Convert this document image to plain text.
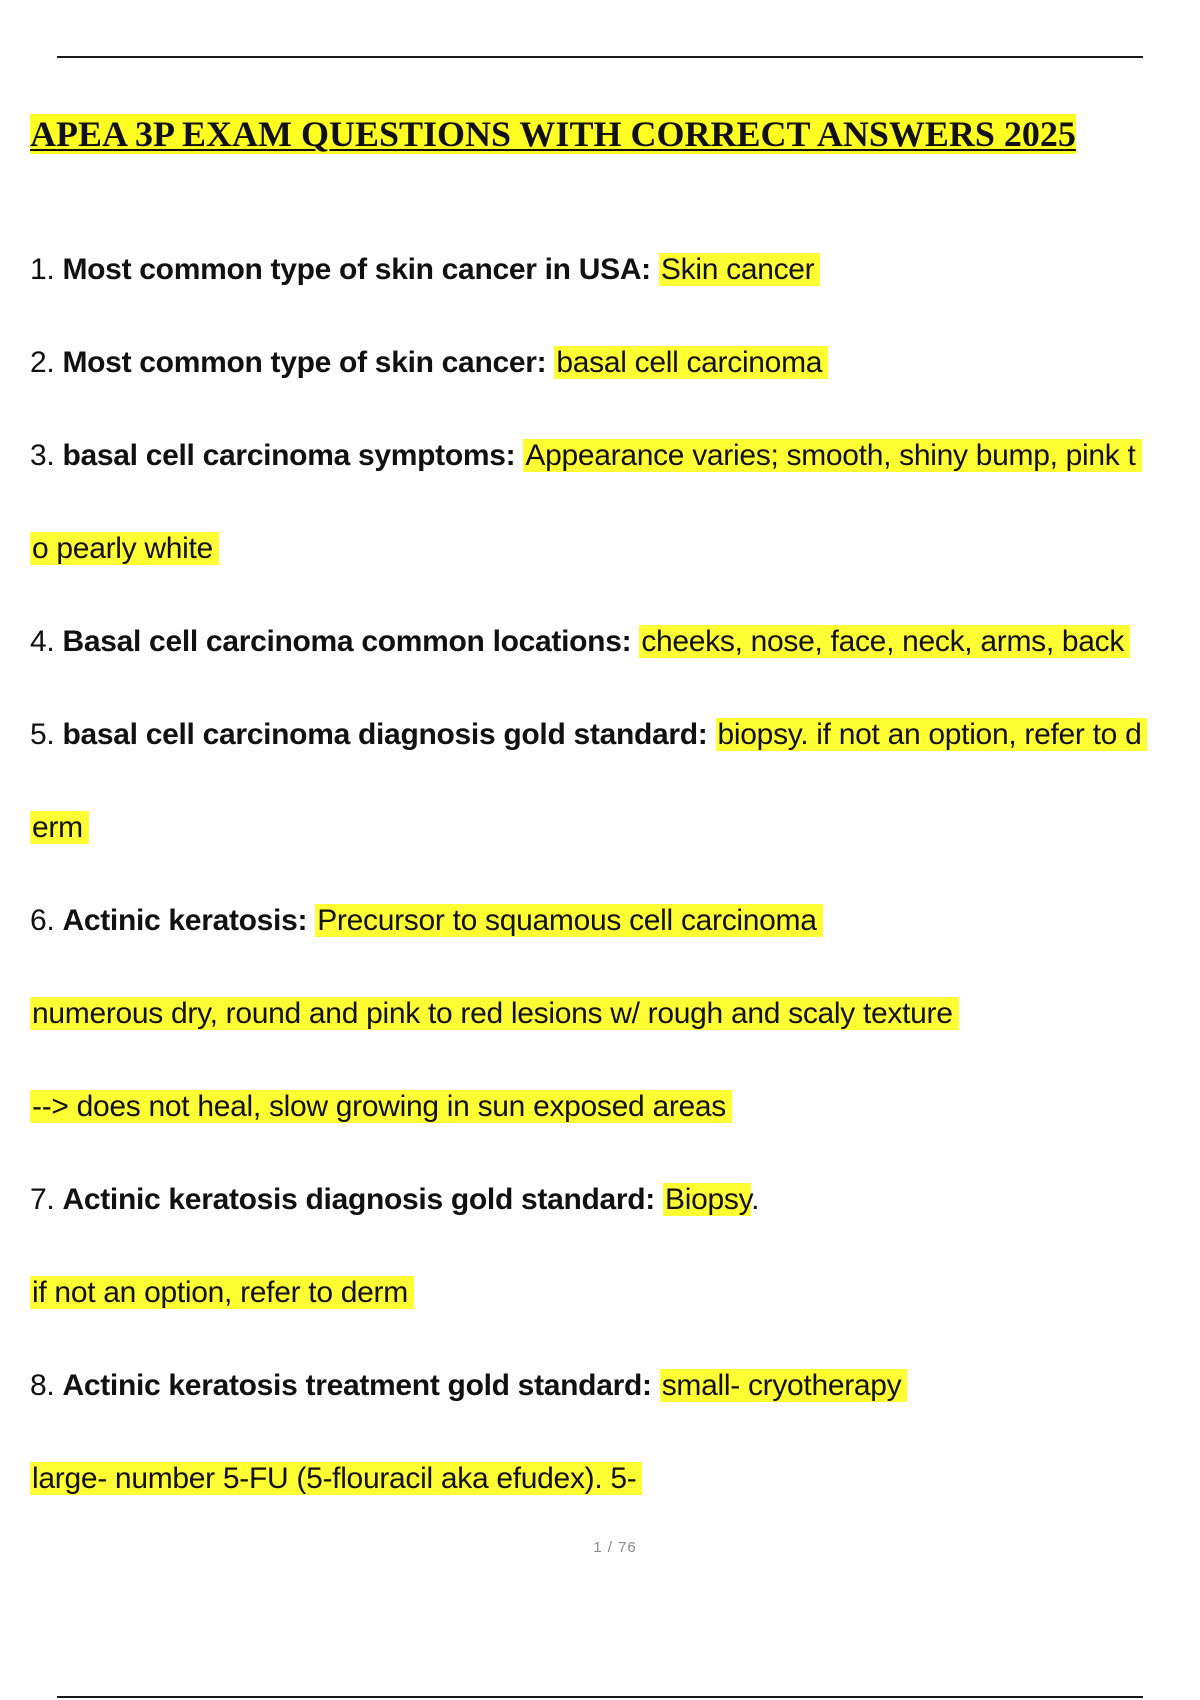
APEA 3P EXAM QUESTIONS WITH CORRECT ANSWERS 2025
1. Most common type of skin cancer in USA: Skin cancer
2. Most common type of skin cancer: basal cell carcinoma
3. basal cell carcinoma symptoms: Appearance varies; smooth, shiny bump, pink t
o pearly white
4. Basal cell carcinoma common locations: cheeks, nose, face, neck, arms, back
5. basal cell carcinoma diagnosis gold standard: biopsy. if not an option, refer to d
erm
6. Actinic keratosis: Precursor to squamous cell carcinoma
numerous dry, round and pink to red lesions w/ rough and scaly texture
--> does not heal, slow growing in sun exposed areas
7. Actinic keratosis diagnosis gold standard: Biopsy.
if not an option, refer to derm
8. Actinic keratosis treatment gold standard: small- cryotherapy
large- number 5-FU (5-flouracil aka efudex). 5-
1 / 76
